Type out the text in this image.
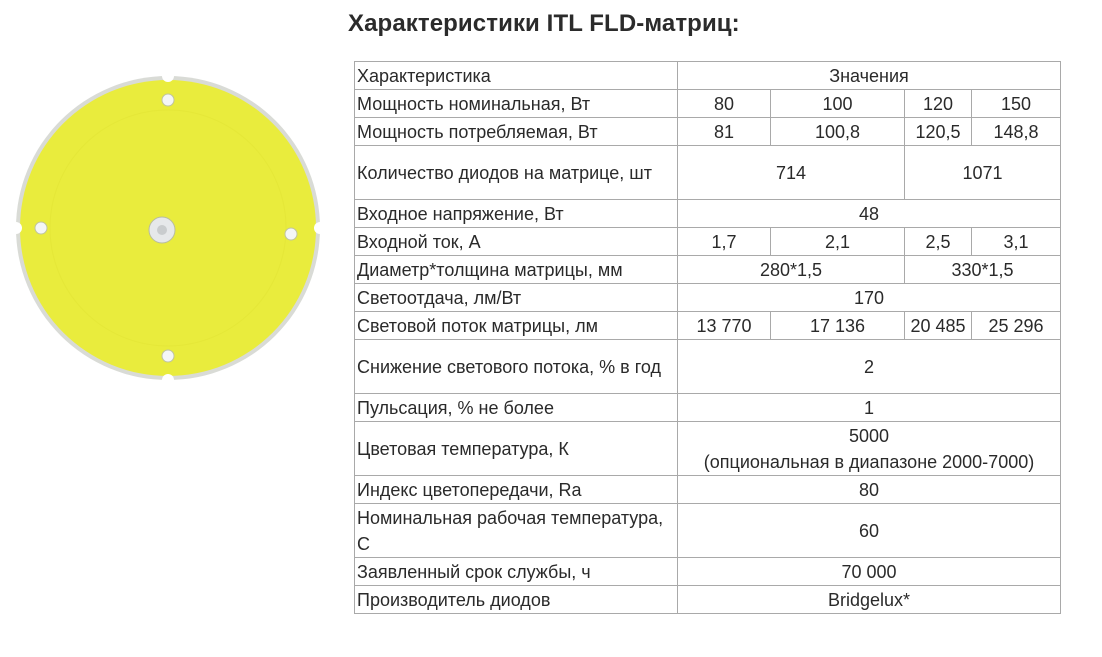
Характеристики ITL FLD-матриц:
Характеристика	Значения			
Мощность номинальная, Вт	80	100	120	150
Мощность потребляемая, Вт	81	100,8	120,5	148,8
Количество диодов на матрице, шт	714		1071	
Входное напряжение, Вт	48			
Входной ток, А	1,7	2,1	2,5	3,1
Диаметр*толщина матрицы, мм	280*1,5		330*1,5	
Светоотдача, лм/Вт	170			
Световой поток матрицы, лм	13 770	17 136	20 485	25 296
Снижение светового потока, % в год	2			
Пульсация, % не более	1			
Цветовая температура, К	5000
(опциональная в диапазоне 2000-7000)			

Индекс цветопередачи, Ra	80			
Номинальная рабочая температура, С	60			
Заявленный срок службы, ч	70 000			
Производитель диодов	Bridgelux*			
